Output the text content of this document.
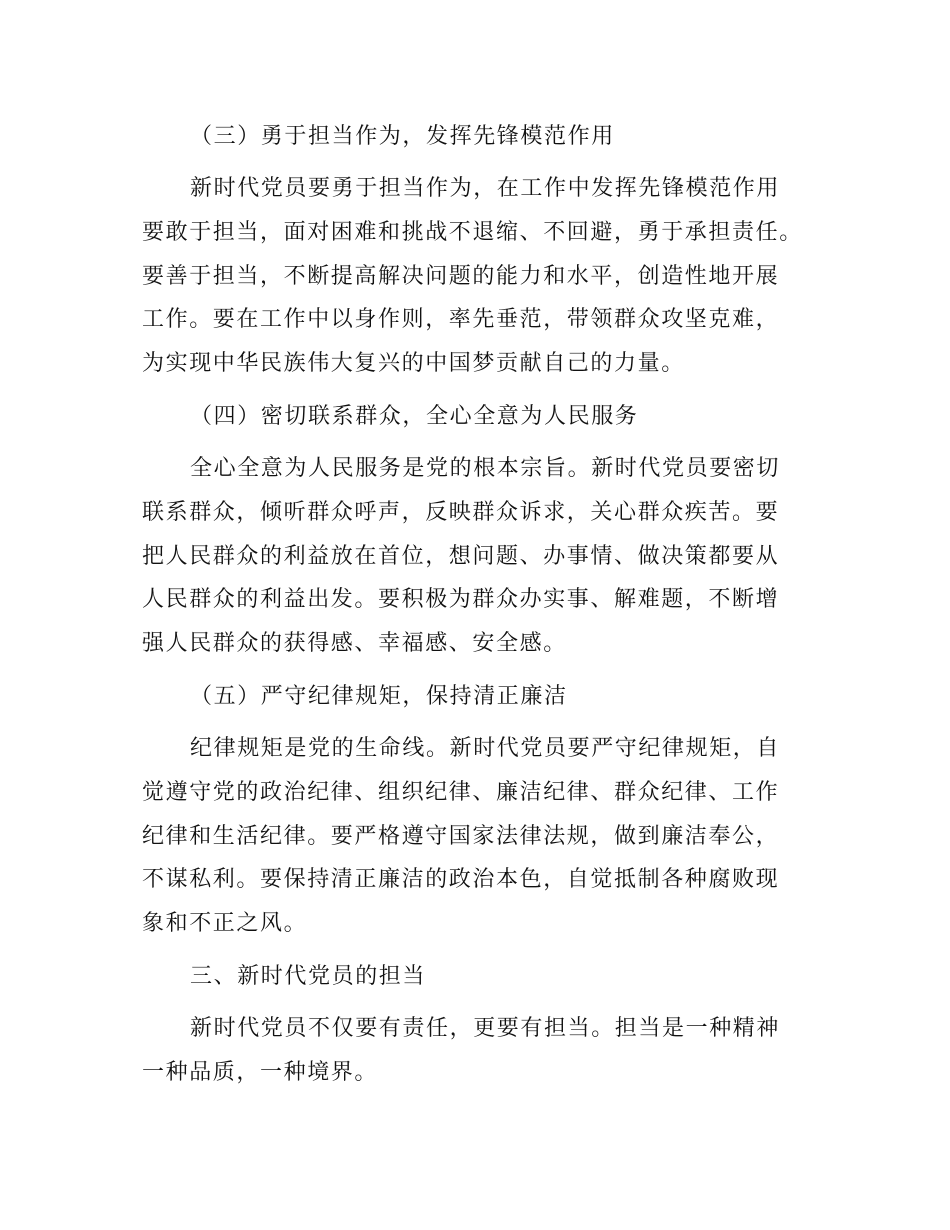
（三）勇于担当作为，发挥先锋模范作用
新时代党员要勇于担当作为，在工作中发挥先锋模范作用
要敢于担当，面对困难和挑战不退缩、不回避，勇于承担责任。
要善于担当，不断提高解决问题的能力和水平，创造性地开展
工作。要在工作中以身作则，率先垂范，带领群众攻坚克难，
为实现中华民族伟大复兴的中国梦贡献自己的力量。
（四）密切联系群众，全心全意为人民服务
全心全意为人民服务是党的根本宗旨。新时代党员要密切
联系群众，倾听群众呼声，反映群众诉求，关心群众疾苦。要
把人民群众的利益放在首位，想问题、办事情、做决策都要从
人民群众的利益出发。要积极为群众办实事、解难题，不断增
强人民群众的获得感、幸福感、安全感。
（五）严守纪律规矩，保持清正廉洁
纪律规矩是党的生命线。新时代党员要严守纪律规矩，自
觉遵守党的政治纪律、组织纪律、廉洁纪律、群众纪律、工作
纪律和生活纪律。要严格遵守国家法律法规，做到廉洁奉公，
不谋私利。要保持清正廉洁的政治本色，自觉抵制各种腐败现
象和不正之风。
三、新时代党员的担当
新时代党员不仅要有责任，更要有担当。担当是一种精神
一种品质，一种境界。
